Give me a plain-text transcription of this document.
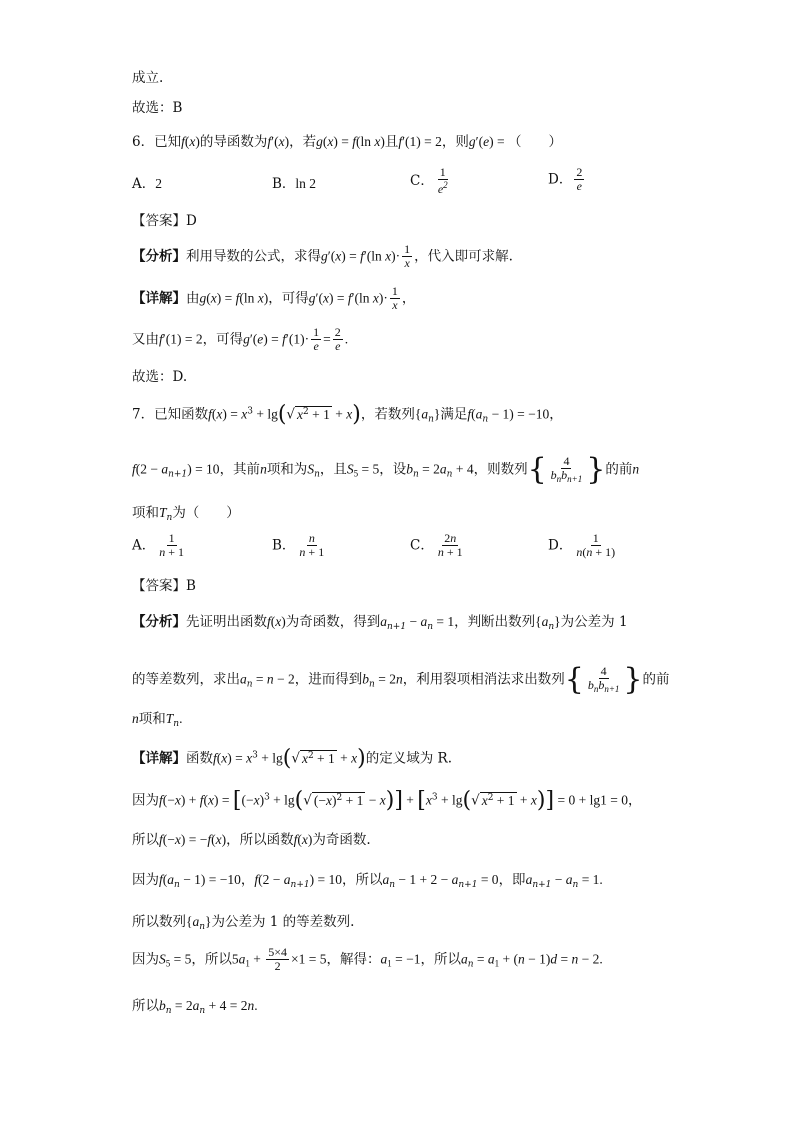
成立.
故选：B
6．已知f(x)的导函数为f′(x)，若g(x) = f(ln x)且f′(1) = 2，则g′(e) = （　　）
A．2	B．ln 2	C． $\frac{1}{e^2}$	D． $\frac{2}{e}$
【答案】D
【分析】利用导数的公式，求得g′(x) = f′(ln $x)\cdot \frac{1}{x}$ ，代入即可求解.
【详解】由g(x) = f(ln x)，可得g′(x) = f′(ln $x)\cdot \frac{1}{x}$ ，
又由f′(1) = 2，可得$g'(e) = f'(1)\cdot \frac{1}{e} = \frac{2}{e}$ .
故选：D.
7．已知函数$f(x) = x^3 + \lg(√$ $x^2 + 1 + x$)，若数列$\{a_n\}$满足$f(a_n - 1) = -10$，
$f(2 - a_{n+1}) = 10$，其前n项和为$S_n$，且$S_5 = 5$，设$b_n = 2a_n + 4$，则数列{ $\frac{4}{b_nb_{n+1}}$ }的前n
项和$T_n$为（　　）
A． $\frac{1}{n + 1}$	B． $\frac{n}{n + 1}$	C． $\frac{2n}{n + 1}$	D． $\frac{1}{n(n + 1)}$
【答案】B
【分析】先证明出函数f(x)为奇函数，得到$a_{n+1} - a_n = 1$，判断出数列$\{a_n\}$为公差为 1
的等差数列，求出$a_n = n - 2$，进而得到$b_n = 2n$，利用裂项相消法求出数列{ $\frac{4}{b_nb_{n+1}}$ }的前
n项和$T_n$.
【详解】函数$f(x) = x^3 + \lg(√$ $x^2 + 1 + x$)的定义域为 R.
因为$f(-x) + f(x) = [(-x)^3 + \lg(√$ $(-x)^2 + 1 - x)] + [x^3 + \lg(√$ $x^2 + 1 + x)] = 0 + \lg 1 = 0$，
所以f(−x) = −f(x)，所以函数f(x)为奇函数.
因为$f(a_n - 1) = -10$，$f(2 - a_{n+1}) = 10$，所以$a_n - 1 + 2 - a_{n+1} = 0$，即$a_{n+1} - a_n = 1$.
所以数列$\{a_n\}$为公差为 1 的等差数列.
因为$S_5 = 5$，所以$5a_1 + \frac{5\times 4}{2} \times 1 = 5$，解得：$a_1 = -1$，所以$a_n = a_1 + (n - 1)d = n - 2$.
所以$b_n = 2a_n + 4 = 2n$.
